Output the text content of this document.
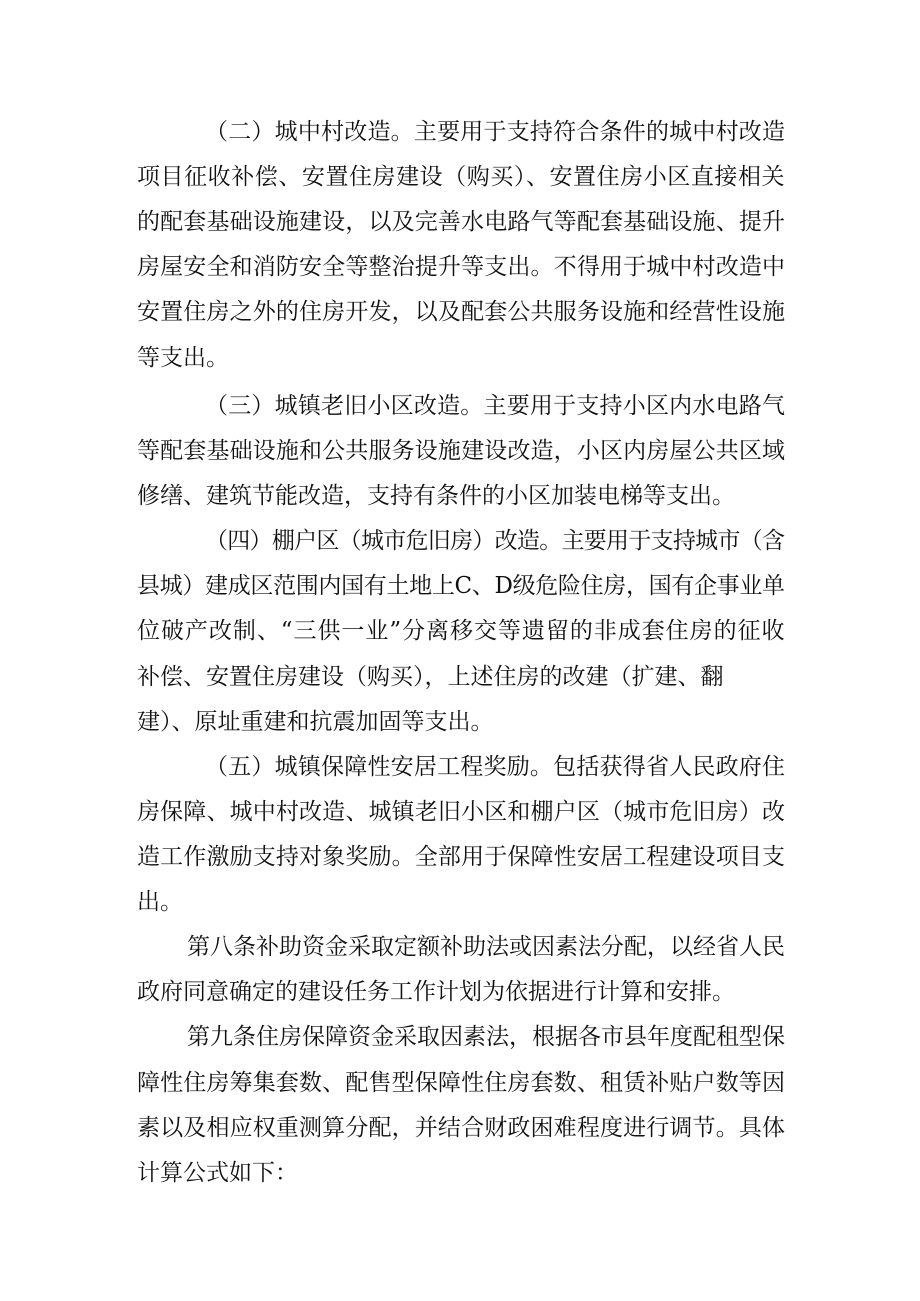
（二）城中村改造。主要用于支持符合条件的城中村改造

项目征收补偿、安置住房建设（购买）、安置住房小区直接相关

的配套基础设施建设，以及完善水电路气等配套基础设施、提升

房屋安全和消防安全等整治提升等支出。不得用于城中村改造中

安置住房之外的住房开发，以及配套公共服务设施和经营性设施

等支出。

（三）城镇老旧小区改造。主要用于支持小区内水电路气

等配套基础设施和公共服务设施建设改造，小区内房屋公共区域

修缮、建筑节能改造，支持有条件的小区加装电梯等支出。

（四）棚户区（城市危旧房）改造。主要用于支持城市（含

县城）建成区范围内国有土地上C、D级危险住房，国有企事业单

位破产改制、“三供一业”分离移交等遗留的非成套住房的征收

补偿、安置住房建设（购买），上述住房的改建（扩建、翻

建）、原址重建和抗震加固等支出。

（五）城镇保障性安居工程奖励。包括获得省人民政府住

房保障、城中村改造、城镇老旧小区和棚户区（城市危旧房）改

造工作激励支持对象奖励。全部用于保障性安居工程建设项目支

出。

第八条补助资金采取定额补助法或因素法分配，以经省人民

政府同意确定的建设任务工作计划为依据进行计算和安排。

第九条住房保障资金采取因素法，根据各市县年度配租型保

障性住房筹集套数、配售型保障性住房套数、租赁补贴户数等因

素以及相应权重测算分配，并结合财政困难程度进行调节。具体

计算公式如下：
